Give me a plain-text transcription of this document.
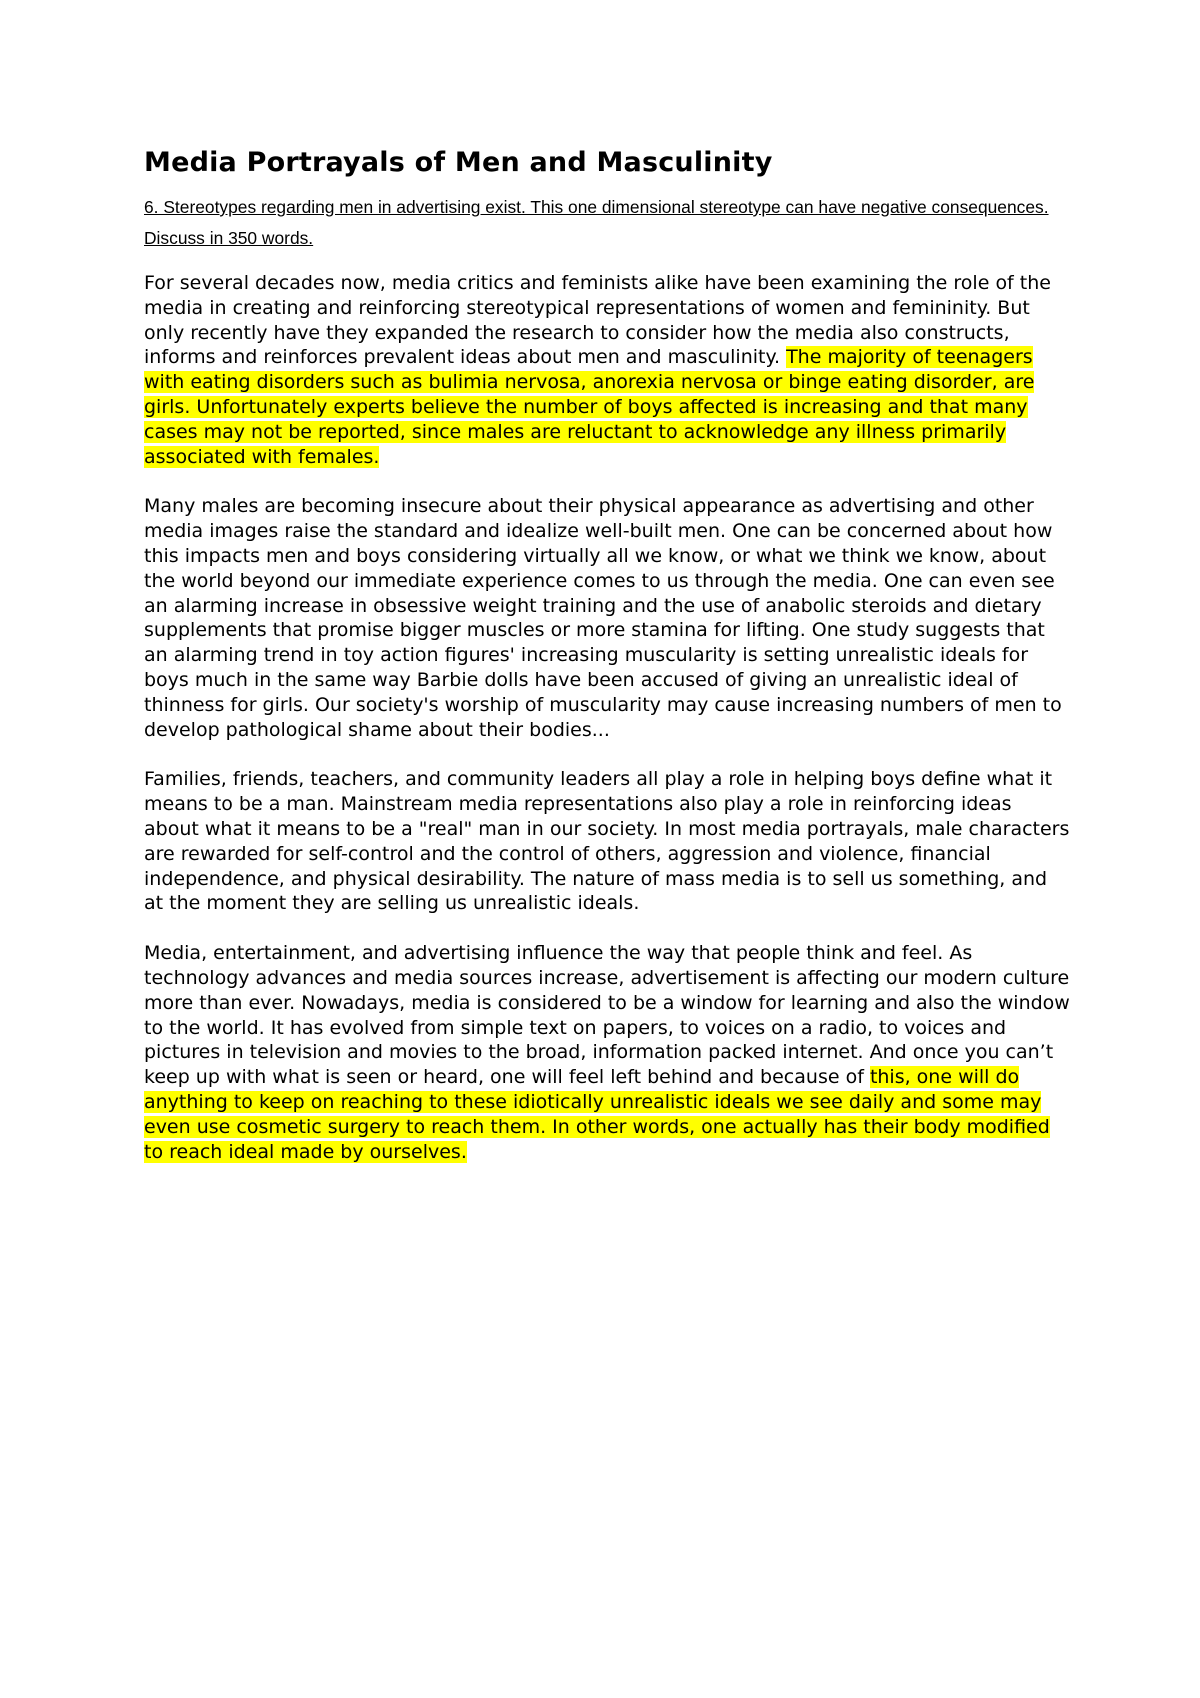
Media Portrayals of Men and Masculinity
6. Stereotypes regarding men in advertising exist. This one dimensional stereotype can have negative consequences. Discuss in 350 words.

For several decades now, media critics and feminists alike have been examining the role of the media in creating and reinforcing stereotypical representations of women and femininity. But only recently have they expanded the research to consider how the media also constructs, informs and reinforces prevalent ideas about men and masculinity. The majority of teenagers with eating disorders such as bulimia nervosa, anorexia nervosa or binge eating disorder, are girls. Unfortunately experts believe the number of boys affected is increasing and that many cases may not be reported, since males are reluctant to acknowledge any illness primarily associated with females.

Many males are becoming insecure about their physical appearance as advertising and other media images raise the standard and idealize well-built men. One can be concerned about how this impacts men and boys considering virtually all we know, or what we think we know, about the world beyond our immediate experience comes to us through the media. One can even see an alarming increase in obsessive weight training and the use of anabolic steroids and dietary supplements that promise bigger muscles or more stamina for lifting. One study suggests that an alarming trend in toy action figures' increasing muscularity is setting unrealistic ideals for boys much in the same way Barbie dolls have been accused of giving an unrealistic ideal of thinness for girls. Our society's worship of muscularity may cause increasing numbers of men to develop pathological shame about their bodies...

Families, friends, teachers, and community leaders all play a role in helping boys define what it means to be a man. Mainstream media representations also play a role in reinforcing ideas about what it means to be a "real" man in our society. In most media portrayals, male characters are rewarded for self-control and the control of others, aggression and violence, financial independence, and physical desirability. The nature of mass media is to sell us something, and at the moment they are selling us unrealistic ideals.

Media, entertainment, and advertising influence the way that people think and feel. As technology advances and media sources increase, advertisement is affecting our modern culture more than ever. Nowadays, media is considered to be a window for learning and also the window to the world. It has evolved from simple text on papers, to voices on a radio, to voices and pictures in television and movies to the broad, information packed internet. And once you can’t keep up with what is seen or heard, one will feel left behind and because of this, one will do anything to keep on reaching to these idiotically unrealistic ideals we see daily and some may even use cosmetic surgery to reach them. In other words, one actually has their body modified to reach ideal made by ourselves.
